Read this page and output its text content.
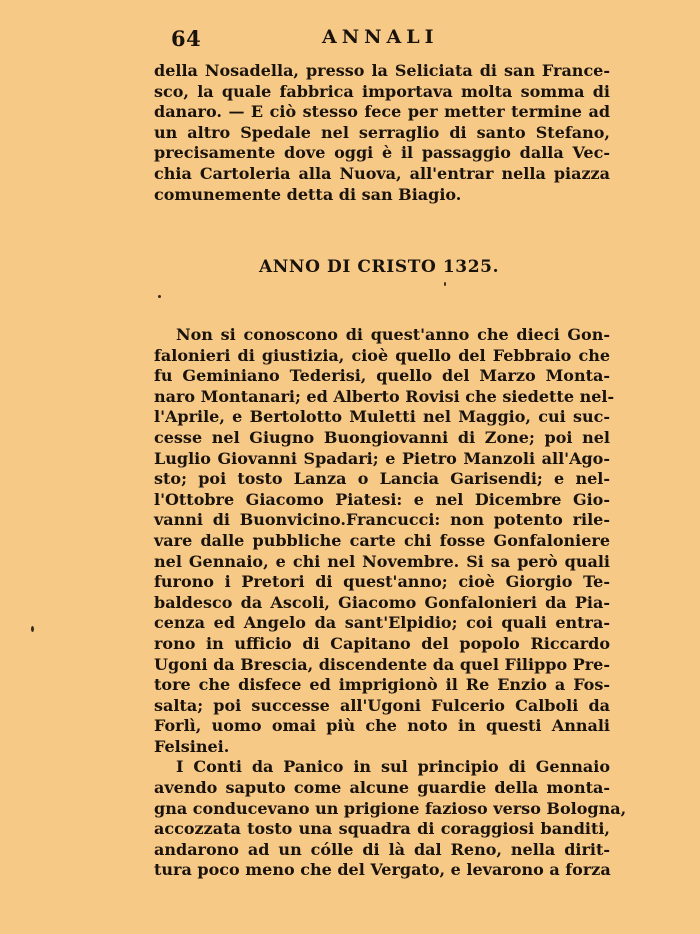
64	ANNALI
della Nosadella, presso la Seliciata di san France-
sco, la quale fabbrica importava molta somma di
danaro. — E ciò stesso fece per metter termine ad
un altro Spedale nel serraglio di santo Stefano,
precisamente dove oggi è il passaggio dalla Vec-
chia Cartoleria alla Nuova, all'entrar nella piazza
comunemente detta di san Biagio.
ANNO DI CRISTO 1325.
Non si conoscono di quest'anno che dieci Gon-
falonieri di giustizia, cioè quello del Febbraio che
fu Geminiano Tederisi, quello del Marzo Monta-
naro Montanari; ed Alberto Rovisi che siedette nel-
l'Aprile, e Bertolotto Muletti nel Maggio, cui suc-
cesse nel Giugno Buongiovanni di Zone; poi nel
Luglio Giovanni Spadari; e Pietro Manzoli all'Ago-
sto; poi tosto Lanza o Lancia Garisendi; e nel-
l'Ottobre Giacomo Piatesi: e nel Dicembre Gio-
vanni di Buonvicino.Francucci: non potento rile-
vare dalle pubbliche carte chi fosse Gonfaloniere
nel Gennaio, e chi nel Novembre. Si sa però quali
furono i Pretori di quest'anno; cioè Giorgio Te-
baldesco da Ascoli, Giacomo Gonfalonieri da Pia-
cenza ed Angelo da sant'Elpidio; coi quali entra-
rono in ufficio di Capitano del popolo Riccardo
Ugoni da Brescia, discendente da quel Filippo Pre-
tore che disfece ed imprigionò il Re Enzio a Fos-
salta; poi successe all'Ugoni Fulcerio Calboli da
Forlì, uomo omai più che noto in questi Annali
Felsinei.
I Conti da Panico in sul principio di Gennaio
avendo saputo come alcune guardie della monta-
gna conducevano un prigione fazioso verso Bologna,
accozzata tosto una squadra di coraggiosi banditi,
andarono ad un cólle di là dal Reno, nella dirit-
tura poco meno che del Vergato, e levarono a forza
